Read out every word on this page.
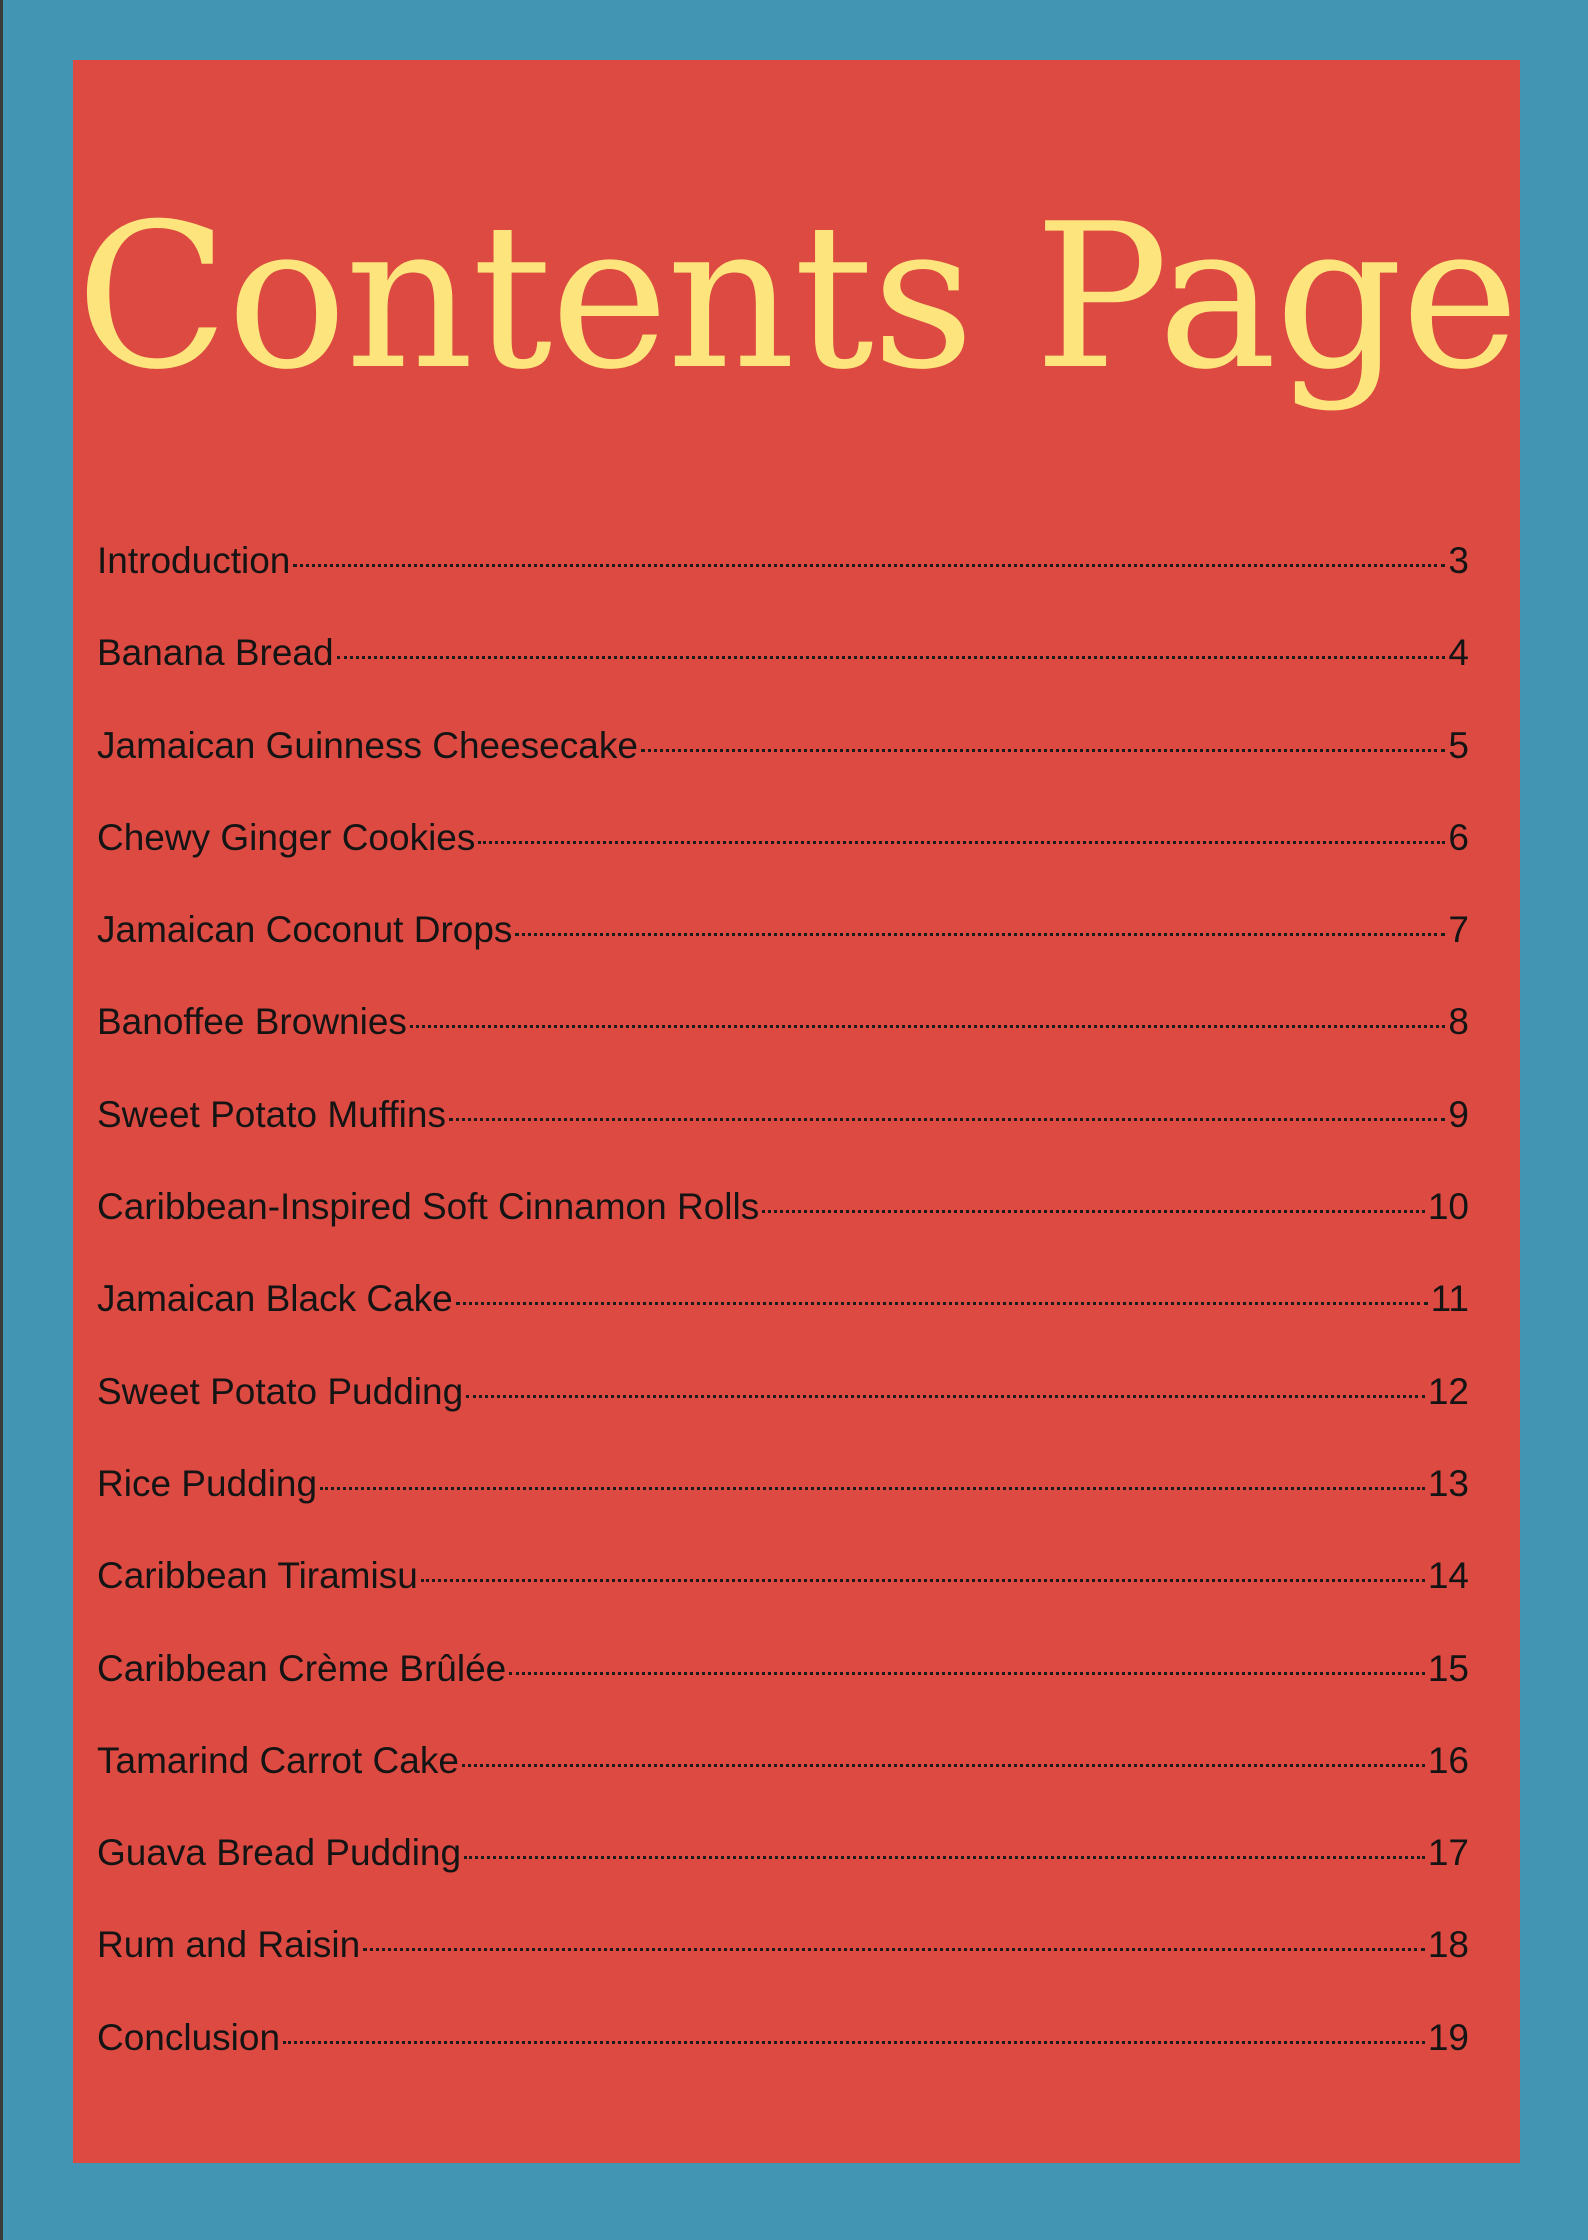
Contents Page
Introduction	3
Banana Bread	4
Jamaican Guinness Cheesecake	5
Chewy Ginger Cookies	6
Jamaican Coconut Drops	7
Banoffee Brownies	8
Sweet Potato Muffins	9
Caribbean-Inspired Soft Cinnamon Rolls	10
Jamaican Black Cake	11
Sweet Potato Pudding	12
Rice Pudding	13
Caribbean Tiramisu	14
Caribbean Crème Brûlée	15
Tamarind Carrot Cake	16
Guava Bread Pudding	17
Rum and Raisin	18
Conclusion	19
